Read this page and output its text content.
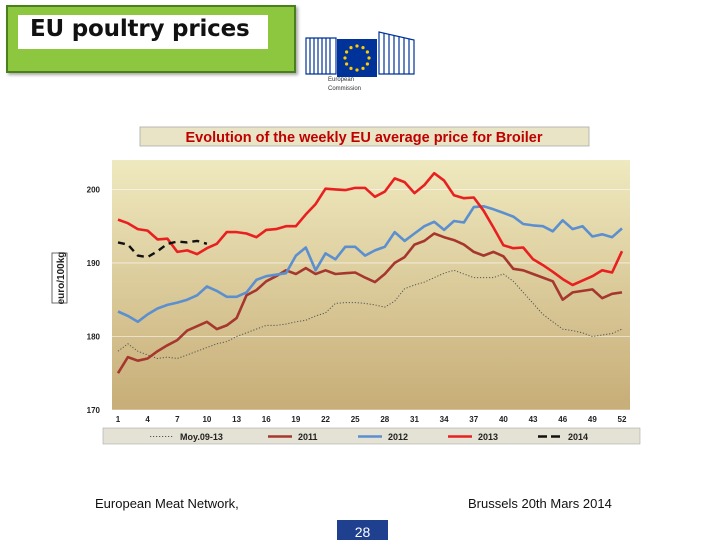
EU poultry prices
European
Commission
Evolution of the weekly EU average price for Broiler
170
180
190
200
euro/100kg
1	4	7	10	13	16	19	22	25	28	31	34	37	40	43	46	49	52
Moy.09-13	2011	2012	2013	2014
European Meat Network,	Brussels 20th Mars 2014
28
